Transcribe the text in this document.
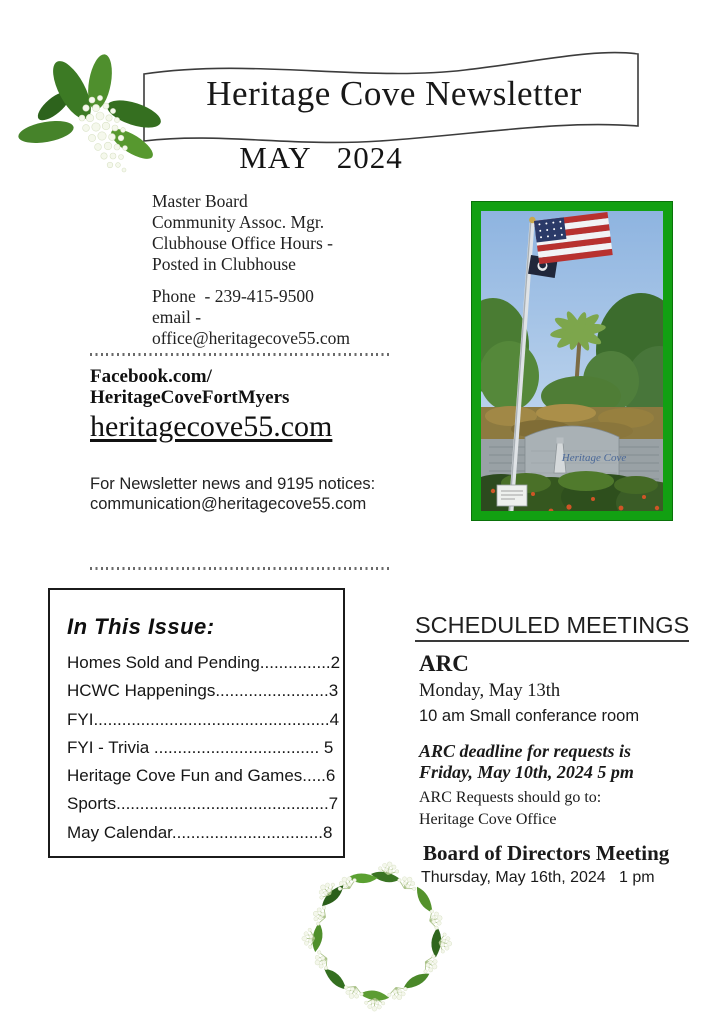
Heritage Cove Newsletter
MAY   2024
Master Board
Community Assoc. Mgr.
Clubhouse Office Hours -
Posted in Clubhouse
Phone  - 239-415-9500
email -
office@heritagecove55.com
Facebook.com/
HeritageCoveFortMyers
heritagecove55.com
For Newsletter news and 9195 notices:
communication@heritagecove55.com
Heritage Cove
In This Issue:
Homes Sold and Pending...............2
HCWC Happenings........................3
FYI..................................................4
FYI - Trivia ................................... 5
Heritage Cove Fun and Games.....6
Sports.............................................7
May Calendar................................8
SCHEDULED MEETINGS
ARC
Monday, May 13th
10 am Small conferance room
ARC deadline for requests is
Friday, May 10th, 2024 5 pm
ARC Requests should go to:
Heritage Cove Office
Board of Directors Meeting
Thursday, May 16th, 2024   1 pm
